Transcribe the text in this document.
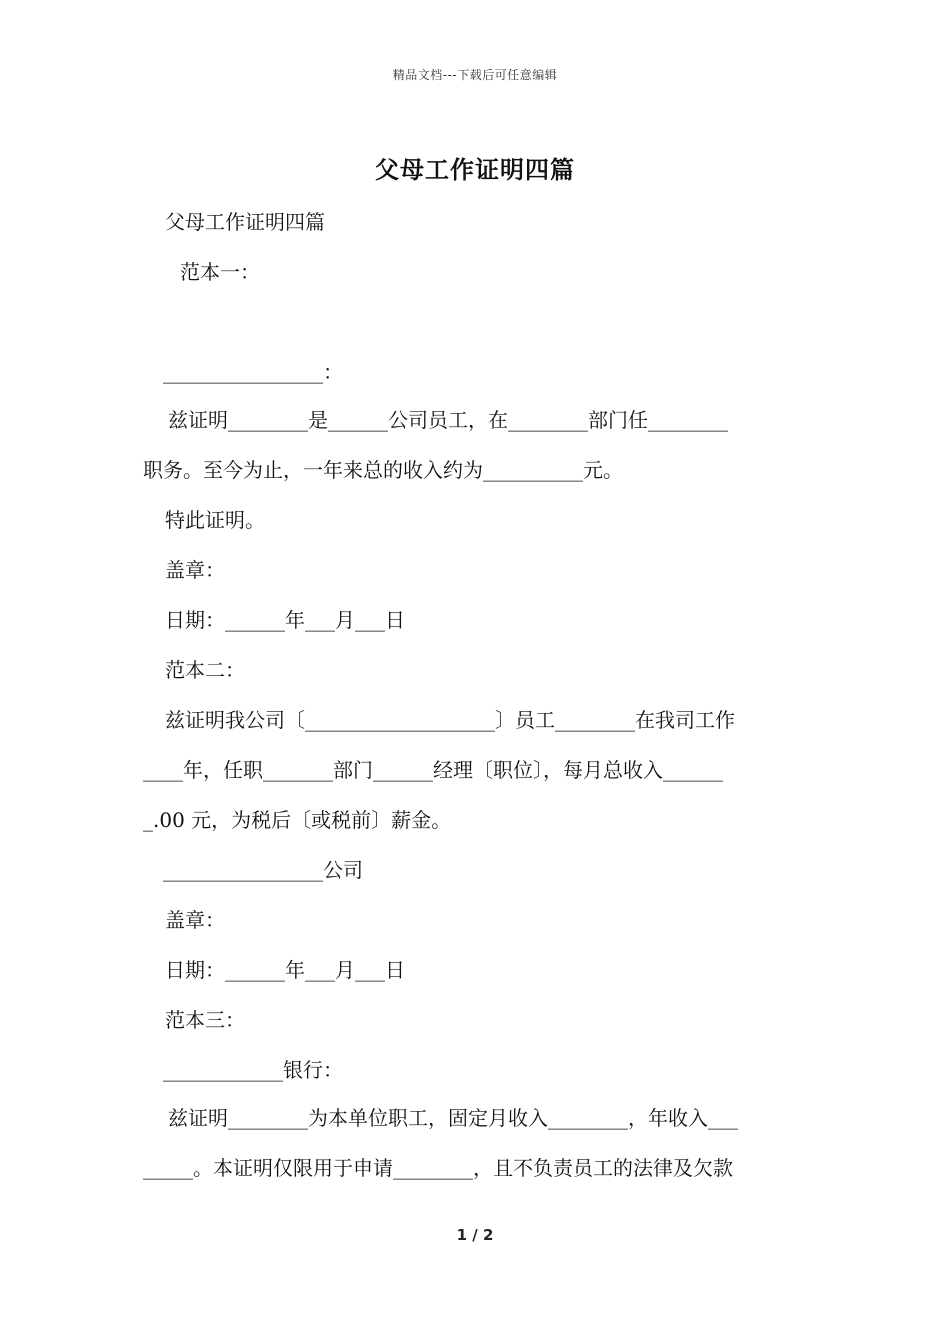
精品文档---下载后可任意编辑
父母工作证明四篇
父母工作证明四篇
范本一：
________________：
兹证明________是______公司员工，在________部门任________
职务。至今为止，一年来总的收入约为__________元。
特此证明。
盖章：
日期：______年___月___日
范本二：
兹证明我公司〔___________________〕员工________在我司工作
____年，任职_______部门______经理〔职位〕，每月总收入______
_.00 元，为税后〔或税前〕薪金。
________________公司
盖章：
日期：______年___月___日
范本三：
____________银行：
兹证明________为本单位职工，固定月收入________，年收入___
_____。本证明仅限用于申请________，且不负责员工的法律及欠款
1 / 2
